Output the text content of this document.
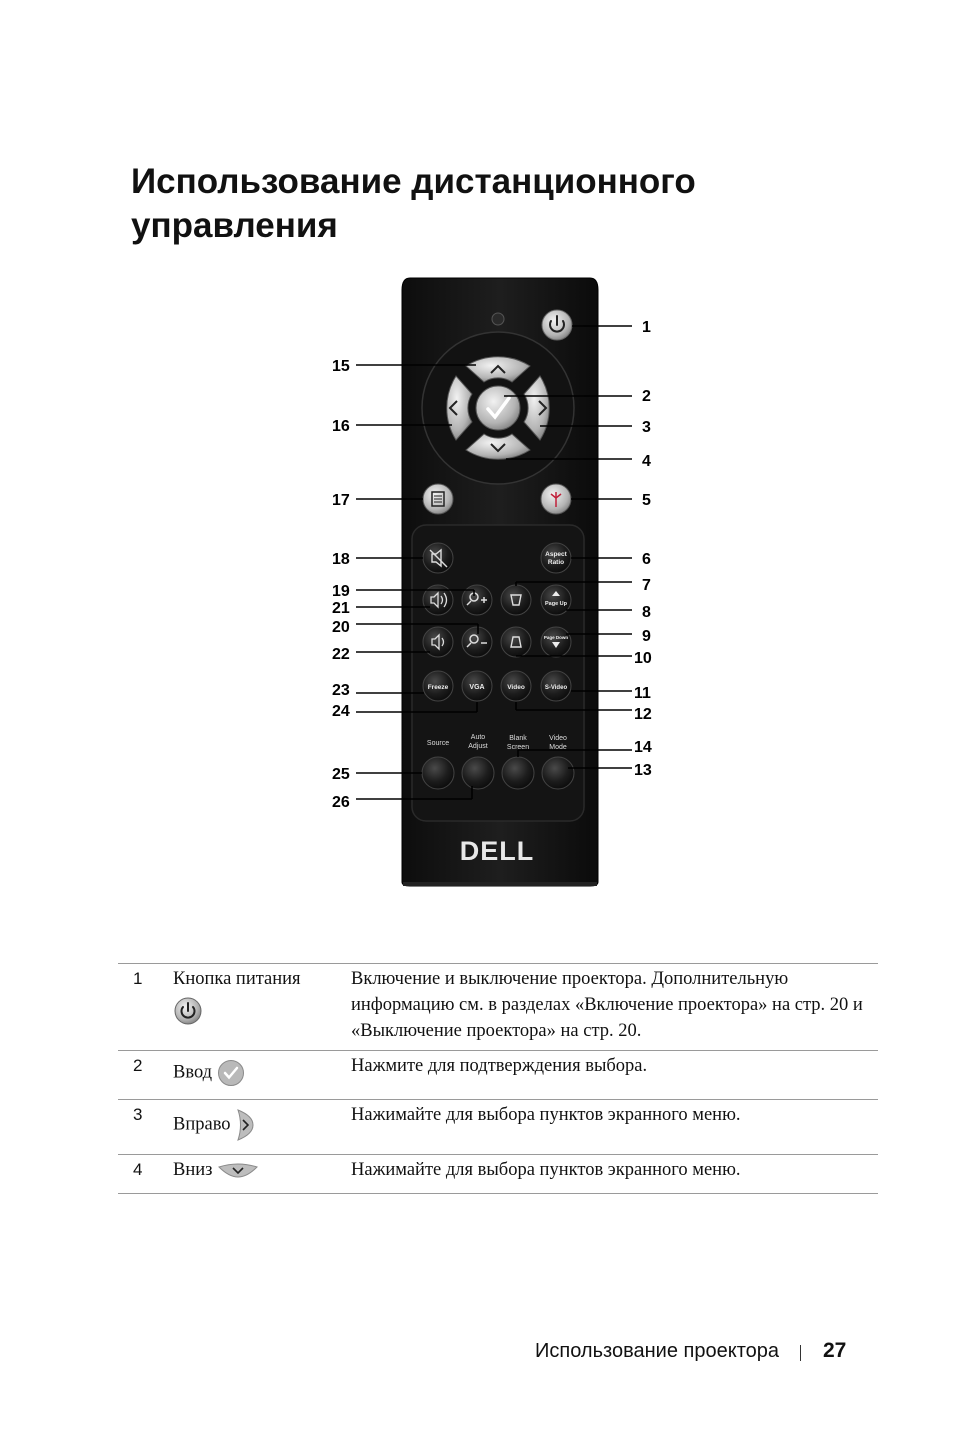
Использование дистанционного
управления
Aspect
Ratio
Page Up
Page Down
Freeze	VGA	Video	S-Video
Source
Auto
Adjust
Blank
Screen
Video
Mode
DELL
1
2
3
4
5
6
7
8
9
10
11
12
13
14
15
16
17
18
19
20
21
22
23
24
25
26
1	Кнопка питания	Включение и выключение проектора. Дополнительную информацию см. в разделах «Включение проектора» на стр. 20 и «Выключение проектора» на стр. 20.
2	Ввод	Нажмите для подтверждения выбора.
3	Вправо	Нажимайте для выбора пунктов экранного меню.
4	Вниз	Нажимайте для выбора пунктов экранного меню.
Использование проектора 27
